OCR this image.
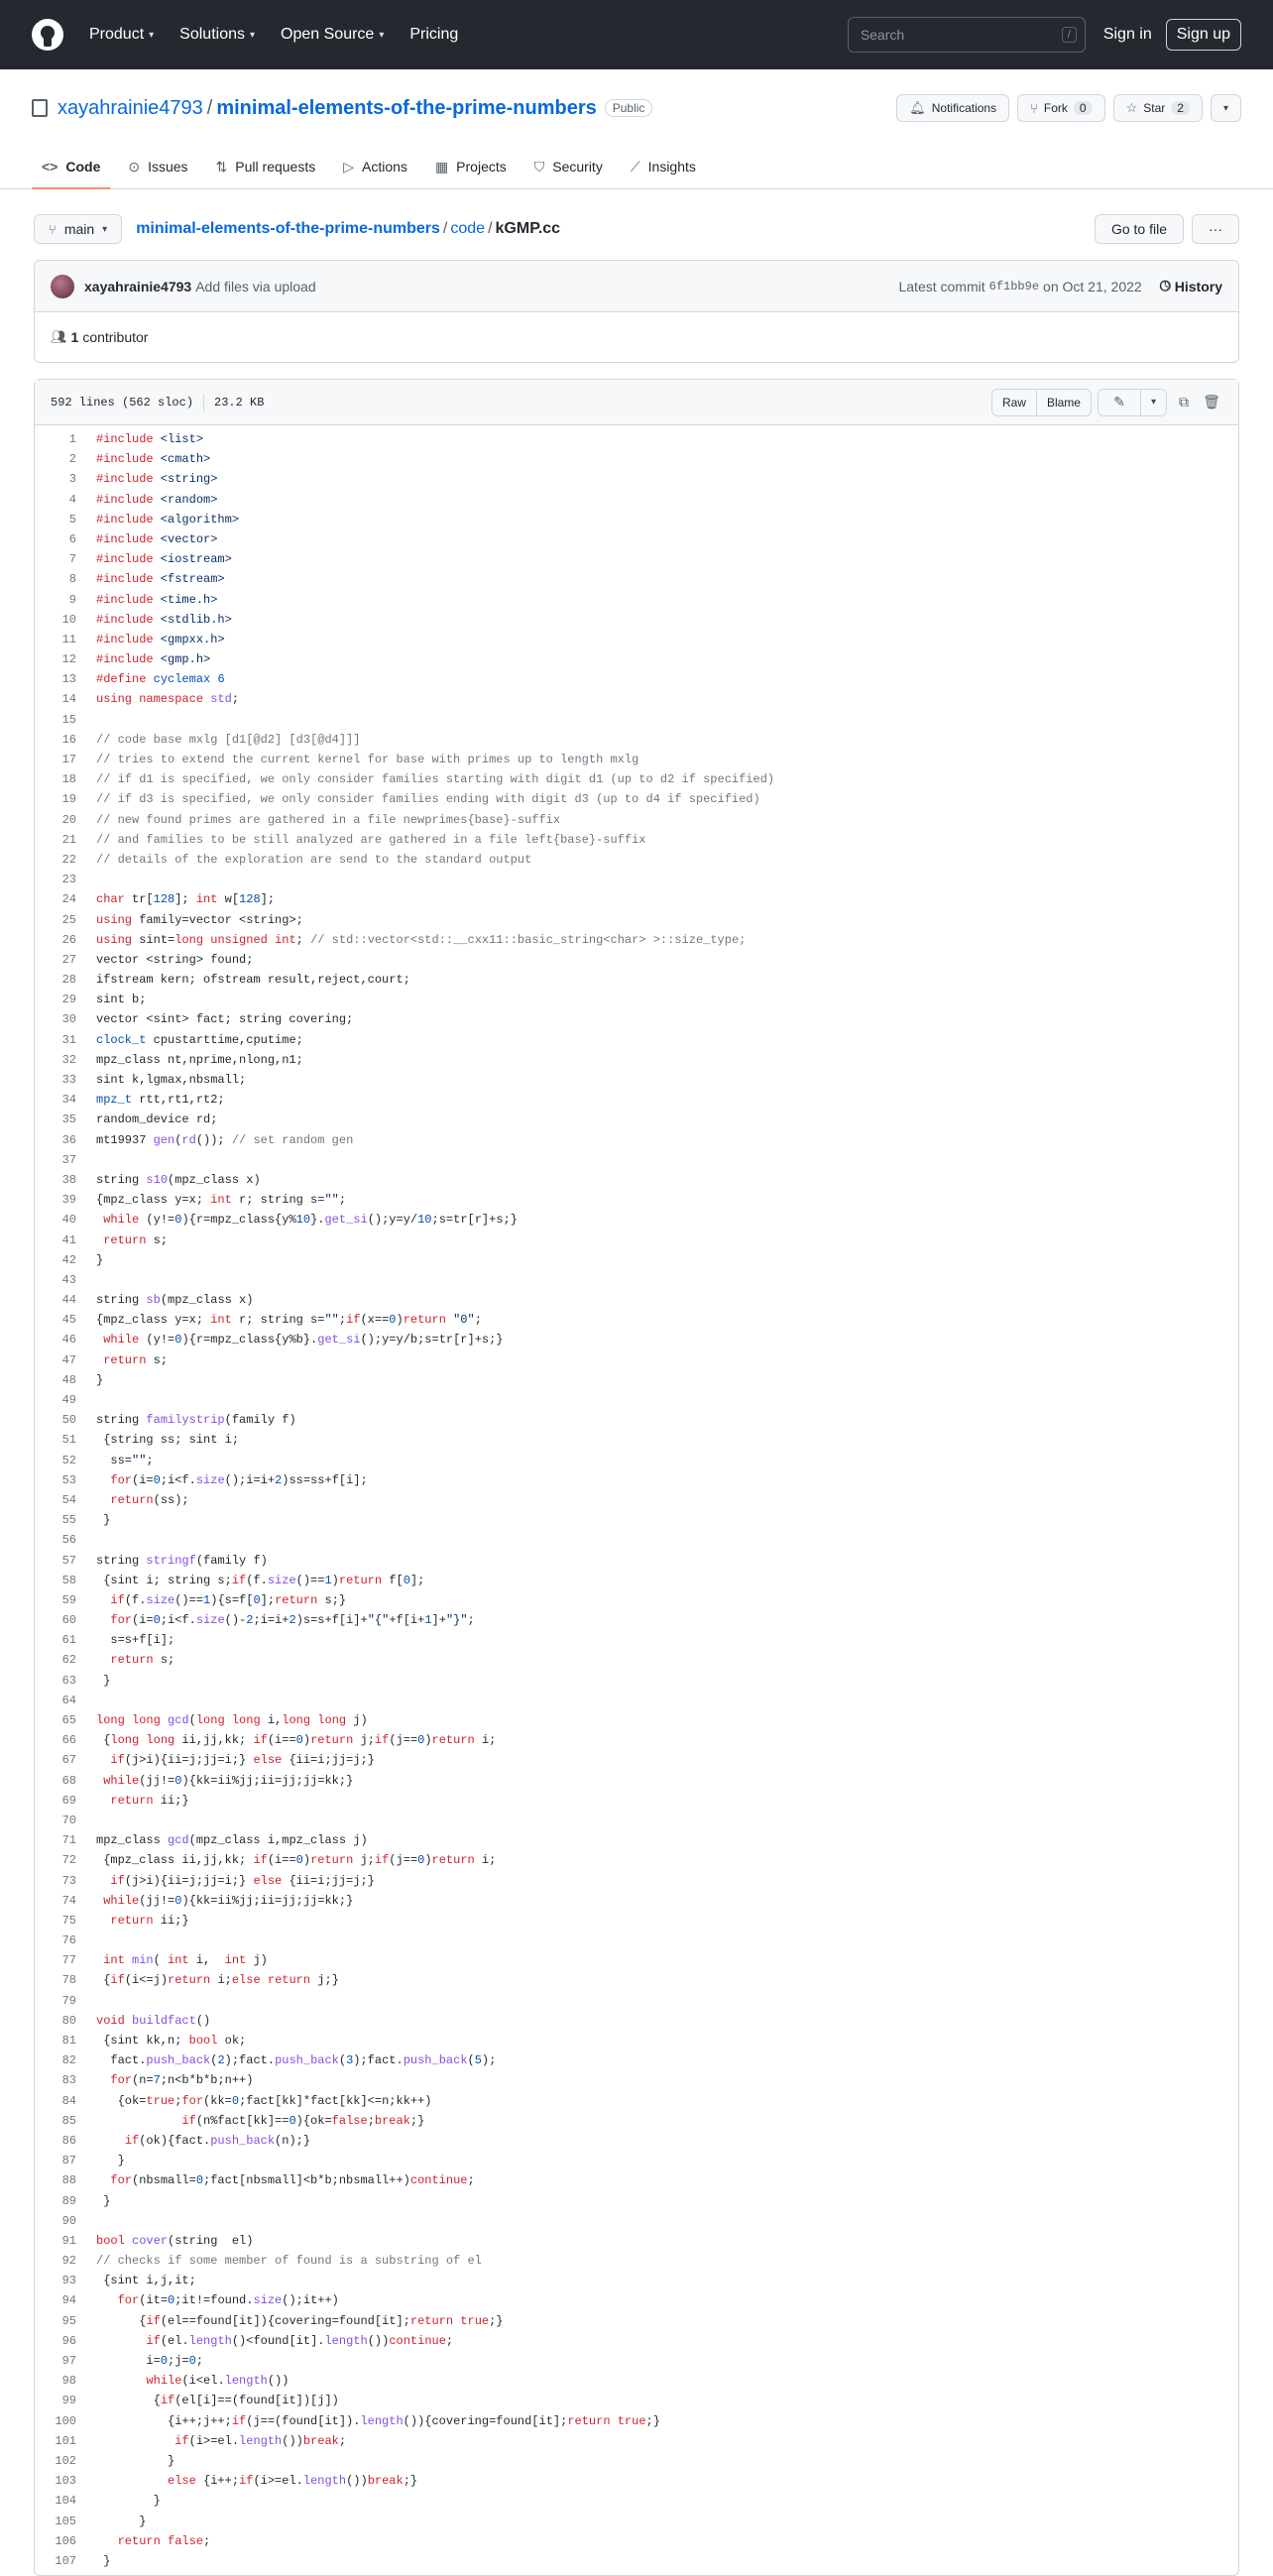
Product ▾ Solutions ▾ Open Source ▾ Pricing	Search	/	Sign in	Sign up
xayahrainie4793 / minimal-elements-of-the-prime-numbers	Public	🔔︎ Notifications	⑂ Fork	0	☆ Star	2	▾
<> Code ⊙ Issues ⇅ Pull requests ▷ Actions ▦ Projects ⛉ Security ⟋ Insights
⑂ main ▾ minimal-elements-of-the-prime-numbers / code / kGMP.cc	Go to file	···
xayahrainie4793 Add files via upload	Latest commit 6f1bb9e on Oct 21, 2022 🕓︎ History
👥︎ 1 contributor
592 lines (562 sloc) 23.2 KB	Raw	Blame	✎	▾	⧉	🗑︎
1	#include <list>
2	#include <cmath>
3	#include <string>
4	#include <random>
5	#include <algorithm>
6	#include <vector>
7	#include <iostream>
8	#include <fstream>
9	#include <time.h>
10	#include <stdlib.h>
11	#include <gmpxx.h>
12	#include <gmp.h>
13	#define cyclemax 6
14	using namespace std;
15
16	// code base mxlg [d1[@d2] [d3[@d4]]]
17	// tries to extend the current kernel for base with primes up to length mxlg
18	// if d1 is specified, we only consider families starting with digit d1 (up to d2 if specified)
19	// if d3 is specified, we only consider families ending with digit d3 (up to d4 if specified)
20	// new found primes are gathered in a file newprimes{base}-suffix
21	// and families to be still analyzed are gathered in a file left{base}-suffix
22	// details of the exploration are send to the standard output
23
24	char tr[128]; int w[128];
25	using family=vector <string>;
26	using sint=long unsigned int; // std::vector<std::__cxx11::basic_string<char> >::size_type;
27	vector <string> found;
28	ifstream kern; ofstream result,reject,court;
29	sint b;
30	vector <sint> fact; string covering;
31	clock_t cpustarttime,cputime;
32	mpz_class nt,nprime,nlong,n1;
33	sint k,lgmax,nbsmall;
34	mpz_t rtt,rt1,rt2;
35	random_device rd;
36	mt19937 gen(rd()); // set random gen
37
38	string s10(mpz_class x)
39	{mpz_class y=x; int r; string s="";
40	while (y!=0){r=mpz_class{y%10}.get_si();y=y/10;s=tr[r]+s;}
41	return s;
42	}
43
44	string sb(mpz_class x)
45	{mpz_class y=x; int r; string s="";if(x==0)return "0";
46	while (y!=0){r=mpz_class{y%b}.get_si();y=y/b;s=tr[r]+s;}
47	return s;
48	}
49
50	string familystrip(family f)
51	{string ss; sint i;
52	ss="";
53	for(i=0;i<f.size();i=i+2)ss=ss+f[i];
54	return(ss);
55	}
56
57	string stringf(family f)
58	{sint i; string s;if(f.size()==1)return f[0];
59	if(f.size()==1){s=f[0];return s;}
60	for(i=0;i<f.size()-2;i=i+2)s=s+f[i]+"{"+f[i+1]+"}";
61	s=s+f[i];
62	return s;
63	}
64
65	long long gcd(long long i,long long j)
66	{long long ii,jj,kk; if(i==0)return j;if(j==0)return i;
67	if(j>i){ii=j;jj=i;} else {ii=i;jj=j;}
68	while(jj!=0){kk=ii%jj;ii=jj;jj=kk;}
69	return ii;}
70
71	mpz_class gcd(mpz_class i,mpz_class j)
72	{mpz_class ii,jj,kk; if(i==0)return j;if(j==0)return i;
73	if(j>i){ii=j;jj=i;} else {ii=i;jj=j;}
74	while(jj!=0){kk=ii%jj;ii=jj;jj=kk;}
75	return ii;}
76
77	int min( int i,  int j)
78	{if(i<=j)return i;else return j;}
79
80	void buildfact()
81	{sint kk,n; bool ok;
82	fact.push_back(2);fact.push_back(3);fact.push_back(5);
83	for(n=7;n<b*b*b;n++)
84	{ok=true;for(kk=0;fact[kk]*fact[kk]<=n;kk++)
85	if(n%fact[kk]==0){ok=false;break;}
86	if(ok){fact.push_back(n);}
87	}
88	for(nbsmall=0;fact[nbsmall]<b*b;nbsmall++)continue;
89	}
90
91	bool cover(string  el)
92	// checks if some member of found is a substring of el
93	{sint i,j,it;
94	for(it=0;it!=found.size();it++)
95	{if(el==found[it]){covering=found[it];return true;}
96	if(el.length()<found[it].length())continue;
97	i=0;j=0;
98	while(i<el.length())
99	{if(el[i]==(found[it])[j])
100	{i++;j++;if(j==(found[it]).length()){covering=found[it];return true;}
101	if(i>=el.length())break;
102	}
103	else {i++;if(i>=el.length())break;}
104	}
105	}
106	return false;
107	}
